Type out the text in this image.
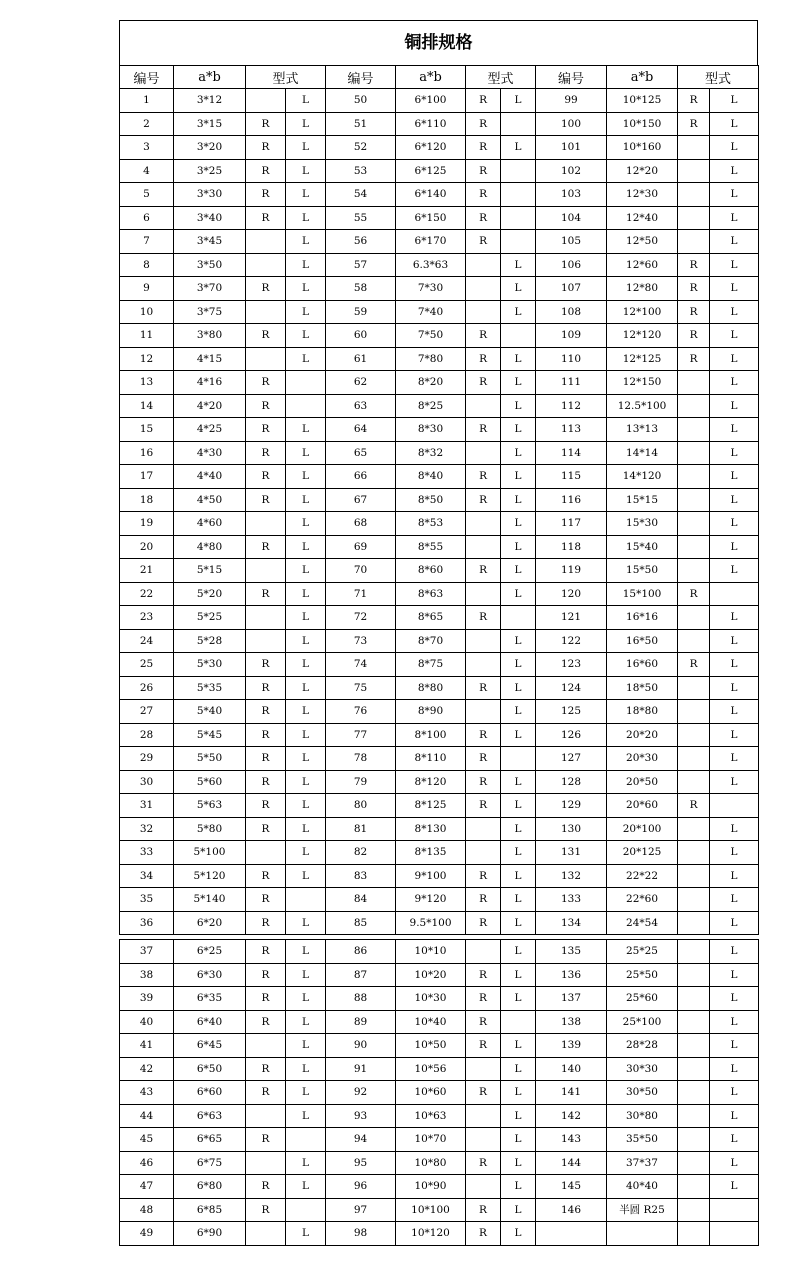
铜排规格
编号	a*b	型式		编号	a*b	型式		编号	a*b	型式	
1	3*12		L	50	6*100	R	L	99	10*125	R	L
2	3*15	R	L	51	6*110	R		100	10*150	R	L
3	3*20	R	L	52	6*120	R	L	101	10*160		L
4	3*25	R	L	53	6*125	R		102	12*20		L
5	3*30	R	L	54	6*140	R		103	12*30		L
6	3*40	R	L	55	6*150	R		104	12*40		L
7	3*45		L	56	6*170	R		105	12*50		L
8	3*50		L	57	6.3*63		L	106	12*60	R	L
9	3*70	R	L	58	7*30		L	107	12*80	R	L
10	3*75		L	59	7*40		L	108	12*100	R	L
11	3*80	R	L	60	7*50	R		109	12*120	R	L
12	4*15		L	61	7*80	R	L	110	12*125	R	L
13	4*16	R		62	8*20	R	L	111	12*150		L
14	4*20	R		63	8*25		L	112	12.5*100		L
15	4*25	R	L	64	8*30	R	L	113	13*13		L
16	4*30	R	L	65	8*32		L	114	14*14		L
17	4*40	R	L	66	8*40	R	L	115	14*120		L
18	4*50	R	L	67	8*50	R	L	116	15*15		L
19	4*60		L	68	8*53		L	117	15*30		L
20	4*80	R	L	69	8*55		L	118	15*40		L
21	5*15		L	70	8*60	R	L	119	15*50		L
22	5*20	R	L	71	8*63		L	120	15*100	R	
23	5*25		L	72	8*65	R		121	16*16		L
24	5*28		L	73	8*70		L	122	16*50		L
25	5*30	R	L	74	8*75		L	123	16*60	R	L
26	5*35	R	L	75	8*80	R	L	124	18*50		L
27	5*40	R	L	76	8*90		L	125	18*80		L
28	5*45	R	L	77	8*100	R	L	126	20*20		L
29	5*50	R	L	78	8*110	R		127	20*30		L
30	5*60	R	L	79	8*120	R	L	128	20*50		L
31	5*63	R	L	80	8*125	R	L	129	20*60	R	
32	5*80	R	L	81	8*130		L	130	20*100		L
33	5*100		L	82	8*135		L	131	20*125		L
34	5*120	R	L	83	9*100	R	L	132	22*22		L
35	5*140	R		84	9*120	R	L	133	22*60		L
36	6*20	R	L	85	9.5*100	R	L	134	24*54		L
37	6*25	R	L	86	10*10		L	135	25*25		L
38	6*30	R	L	87	10*20	R	L	136	25*50		L
39	6*35	R	L	88	10*30	R	L	137	25*60		L
40	6*40	R	L	89	10*40	R		138	25*100		L
41	6*45		L	90	10*50	R	L	139	28*28		L
42	6*50	R	L	91	10*56		L	140	30*30		L
43	6*60	R	L	92	10*60	R	L	141	30*50		L
44	6*63		L	93	10*63		L	142	30*80		L
45	6*65	R		94	10*70		L	143	35*50		L
46	6*75		L	95	10*80	R	L	144	37*37		L
47	6*80	R	L	96	10*90		L	145	40*40		L
48	6*85	R		97	10*100	R	L	146	半圆 R25		
49	6*90		L	98	10*120	R	L				
